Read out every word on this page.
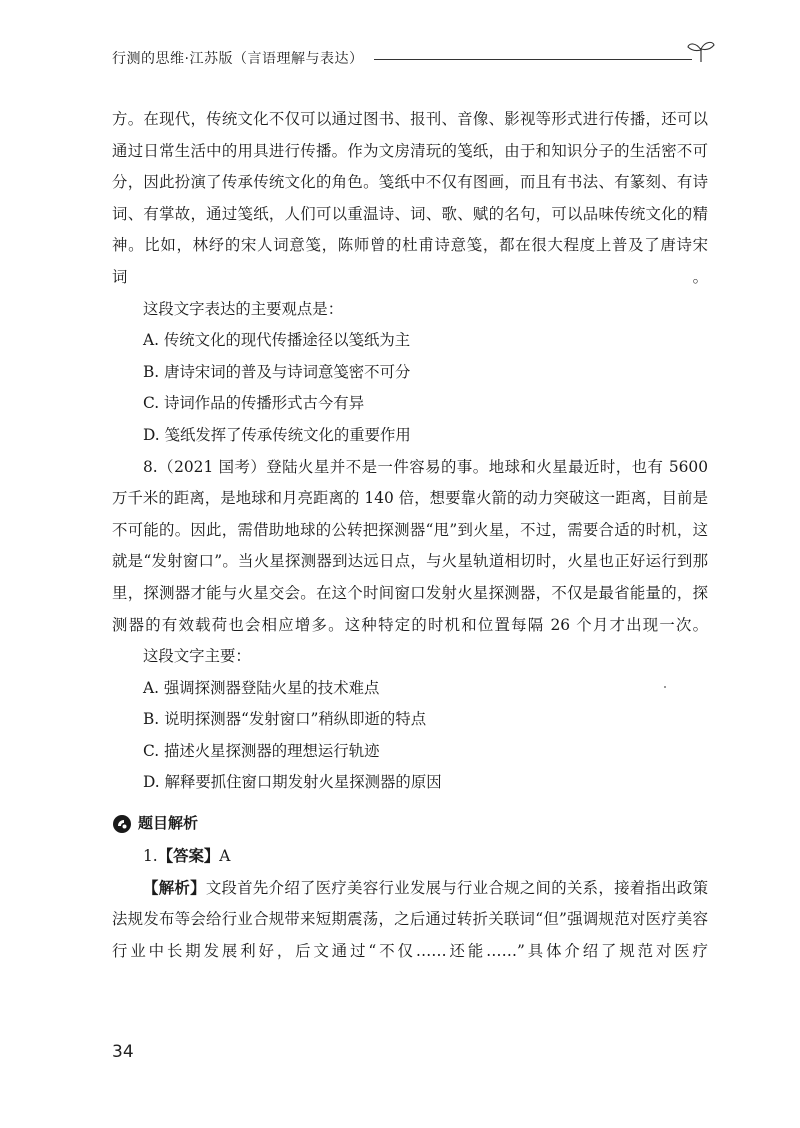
行测的思维·江苏版（言语理解与表达）

方。在现代，传统文化不仅可以通过图书、报刊、音像、影视等形式进行传播，还可以通过日常生活中的用具进行传播。作为文房清玩的笺纸，由于和知识分子的生活密不可分，因此扮演了传承传统文化的角色。笺纸中不仅有图画，而且有书法、有篆刻、有诗词、有掌故，通过笺纸，人们可以重温诗、词、歌、赋的名句，可以品味传统文化的精神。比如，林纾的宋人词意笺，陈师曾的杜甫诗意笺，都在很大程度上普及了唐诗宋词。

这段文字表达的主要观点是：

A. 传统文化的现代传播途径以笺纸为主

B. 唐诗宋词的普及与诗词意笺密不可分

C. 诗词作品的传播形式古今有异

D. 笺纸发挥了传承传统文化的重要作用

8.（2021 国考）登陆火星并不是一件容易的事。地球和火星最近时，也有 5600 万千米的距离，是地球和月亮距离的 140 倍，想要靠火箭的动力突破这一距离，目前是不可能的。因此，需借助地球的公转把探测器“甩”到火星，不过，需要合适的时机，这就是“发射窗口”。当火星探测器到达远日点，与火星轨道相切时，火星也正好运行到那里，探测器才能与火星交会。在这个时间窗口发射火星探测器，不仅是最省能量的，探测器的有效载荷也会相应增多。这种特定的时机和位置每隔 26 个月才出现一次。

这段文字主要：

A. 强调探测器登陆火星的技术难点

B. 说明探测器“发射窗口”稍纵即逝的特点

C. 描述火星探测器的理想运行轨迹

D. 解释要抓住窗口期发射火星探测器的原因

题目解析

1.【答案】A

【解析】文段首先介绍了医疗美容行业发展与行业合规之间的关系，接着指出政策法规发布等会给行业合规带来短期震荡，之后通过转折关联词“但”强调规范对医疗美容行业中长期发展利好，后文通过“不仅……还能……”具体介绍了规范对医疗

34
